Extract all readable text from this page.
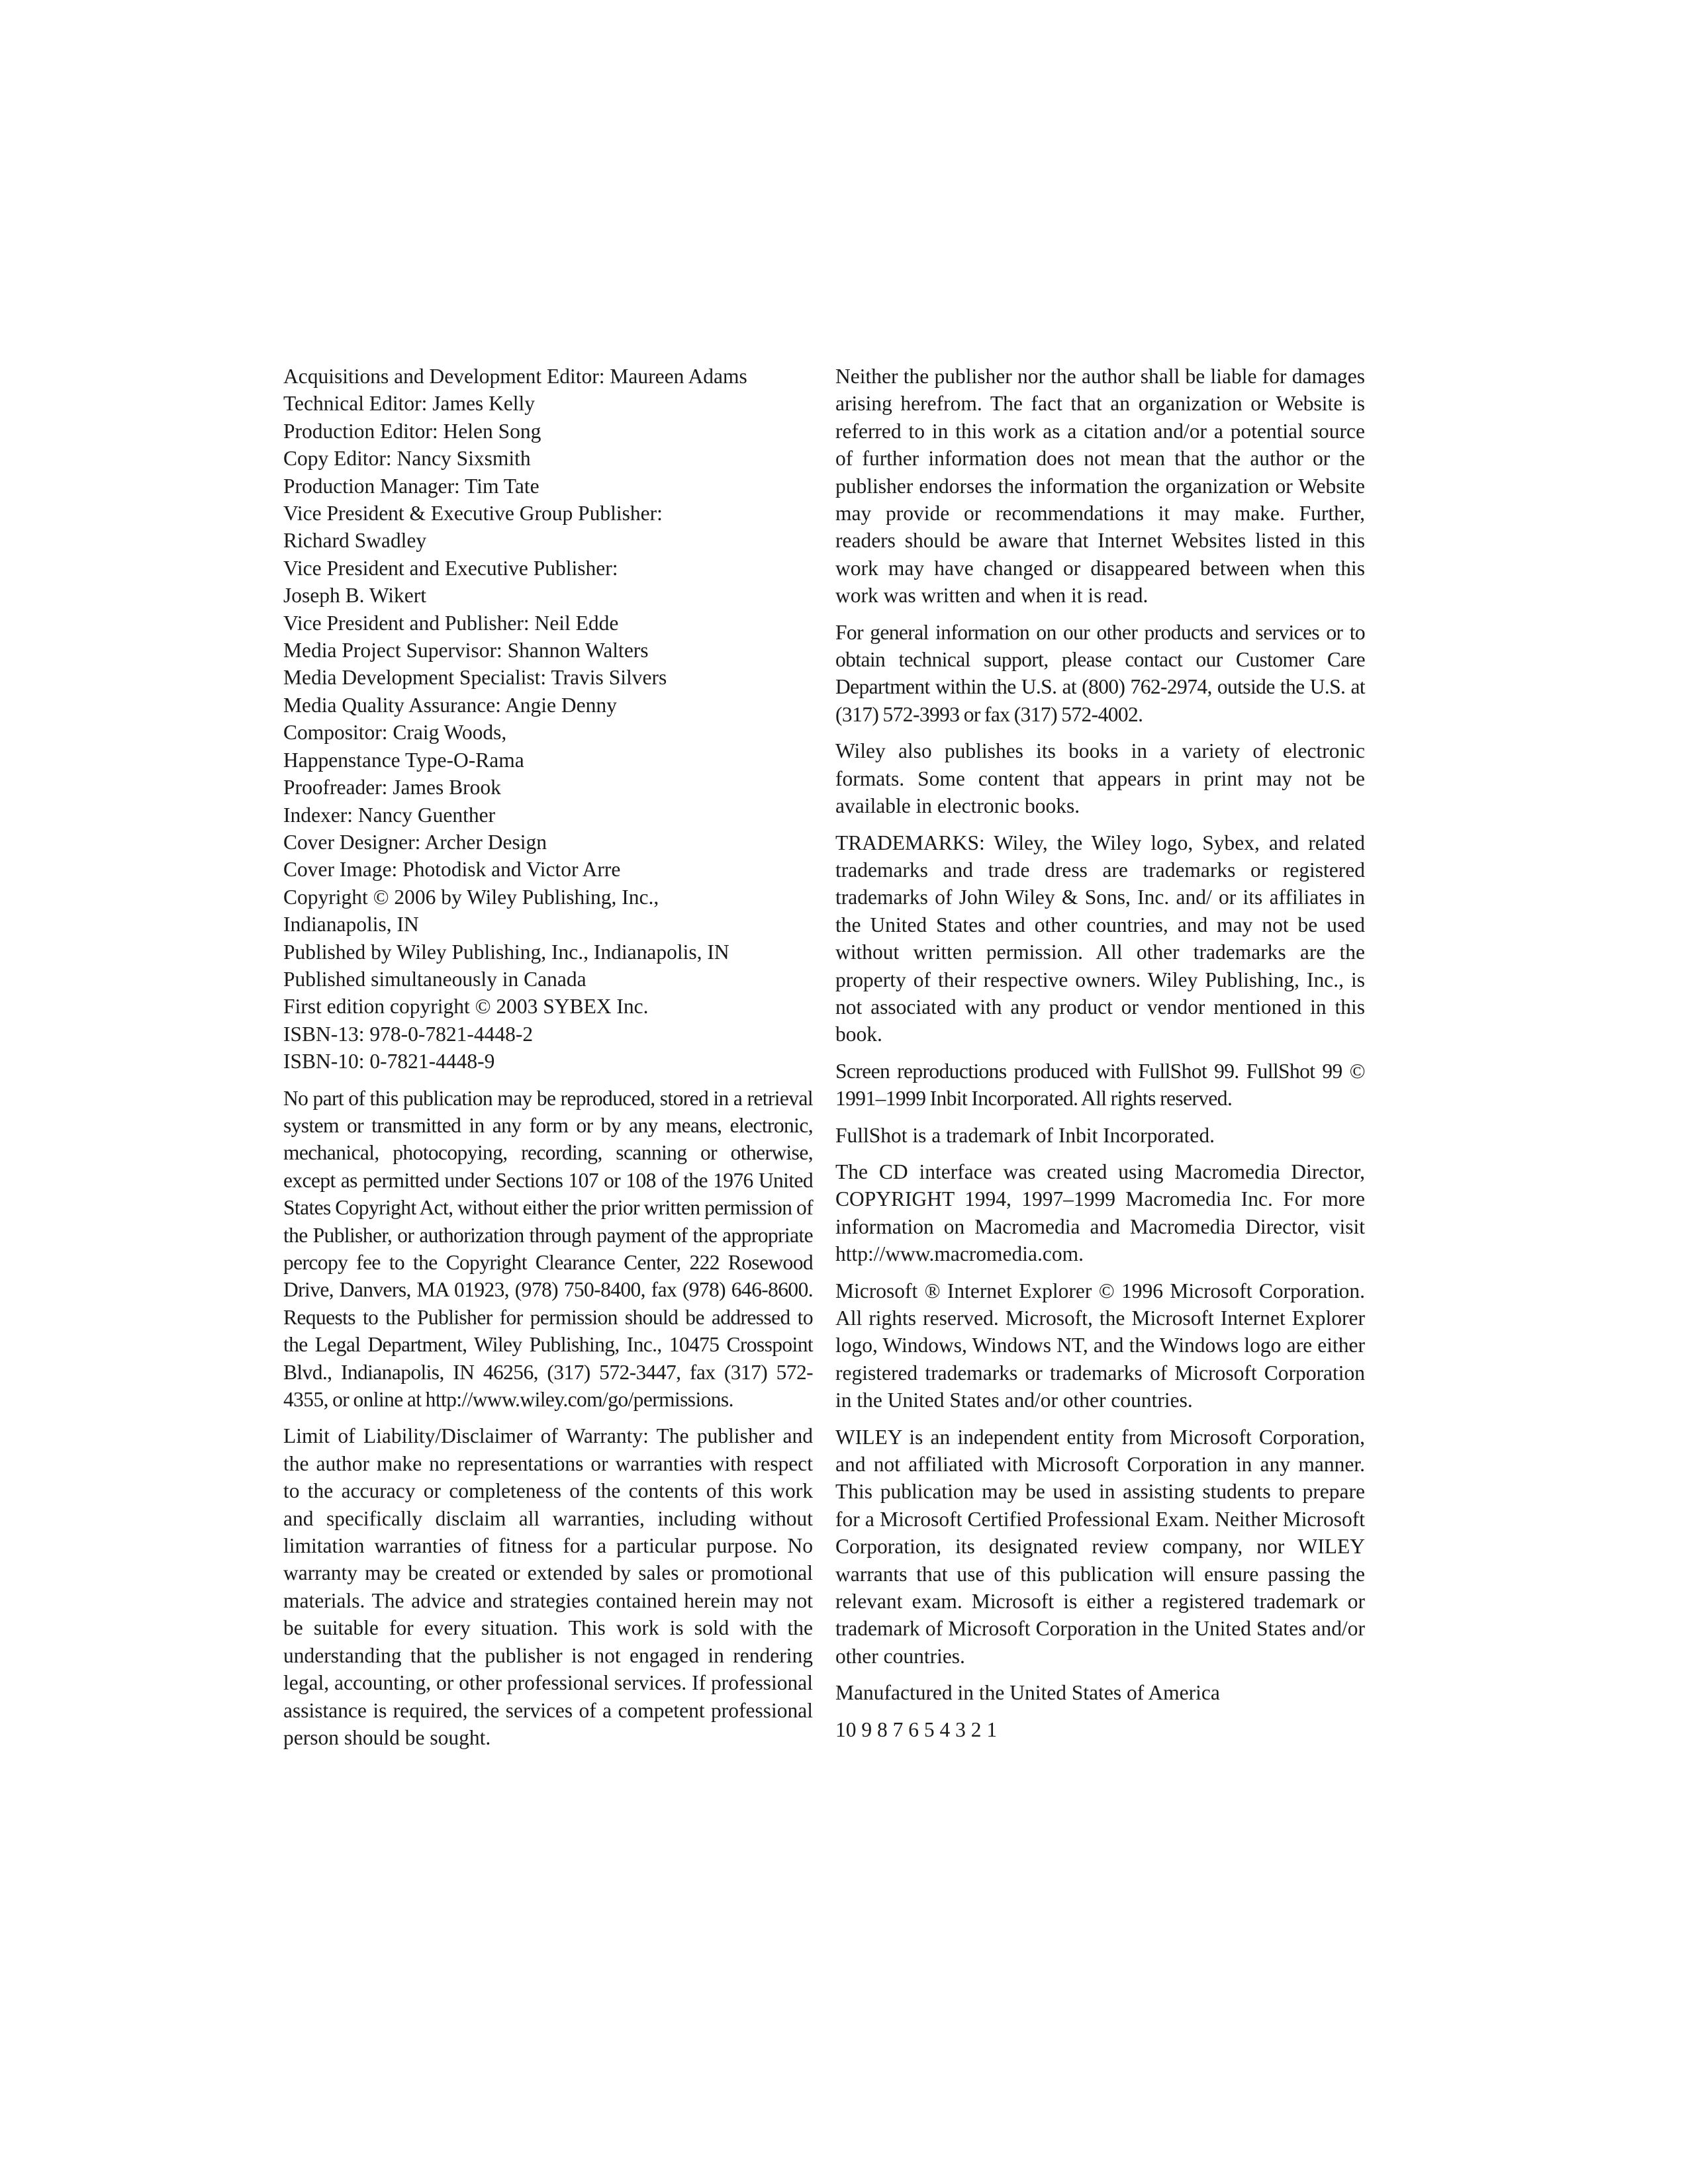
Acquisitions and Development Editor: Maureen Adams
Technical Editor: James Kelly
Production Editor: Helen Song
Copy Editor: Nancy Sixsmith
Production Manager: Tim Tate
Vice President & Executive Group Publisher:
Richard Swadley
Vice President and Executive Publisher:
Joseph B. Wikert
Vice President and Publisher: Neil Edde
Media Project Supervisor: Shannon Walters
Media Development Specialist: Travis Silvers
Media Quality Assurance: Angie Denny
Compositor: Craig Woods,
Happenstance Type-O-Rama
Proofreader: James Brook
Indexer: Nancy Guenther
Cover Designer: Archer Design
Cover Image: Photodisk and Victor Arre
Copyright © 2006 by Wiley Publishing, Inc.,
Indianapolis, IN
Published by Wiley Publishing, Inc., Indianapolis, IN
Published simultaneously in Canada
First edition copyright © 2003 SYBEX Inc.
ISBN-13: 978-0-7821-4448-2
ISBN-10: 0-7821-4448-9

No part of this publication may be reproduced, stored in a retrieval system or transmitted in any form or by any means, electronic, mechanical, photocopying, recording, scanning or otherwise, except as permitted under Sections 107 or 108 of the 1976 United States Copyright Act, without either the prior written permission of the Publisher, or authorization through payment of the appropriate percopy fee to the Copyright Clearance Center, 222 Rosewood Drive, Danvers, MA 01923, (978) 750-8400, fax (978) 646-8600. Requests to the Publisher for permission should be addressed to the Legal Department, Wiley Publishing, Inc., 10475 Crosspoint Blvd., Indianapolis, IN 46256, (317) 572-3447, fax (317) 572-4355, or online at http://www.wiley.com/go/permissions.

Limit of Liability/Disclaimer of Warranty: The publisher and the author make no representations or warranties with respect to the accuracy or completeness of the contents of this work and specifically disclaim all warranties, including without limitation warranties of fitness for a particular purpose. No warranty may be created or extended by sales or promotional materials. The advice and strategies contained herein may not be suitable for every situation. This work is sold with the understanding that the publisher is not engaged in rendering legal, accounting, or other professional services. If professional assistance is required, the services of a competent professional person should be sought.

Neither the publisher nor the author shall be liable for damages arising herefrom. The fact that an organization or Website is referred to in this work as a citation and/or a potential source of further information does not mean that the author or the publisher endorses the information the organization or Website may provide or recommendations it may make. Further, readers should be aware that Internet Websites listed in this work may have changed or disappeared between when this work was written and when it is read.

For general information on our other products and services or to obtain technical support, please contact our Customer Care Department within the U.S. at (800) 762-2974, outside the U.S. at (317) 572-3993 or fax (317) 572-4002.

Wiley also publishes its books in a variety of electronic formats. Some content that appears in print may not be available in electronic books.

TRADEMARKS: Wiley, the Wiley logo, Sybex, and related trademarks and trade dress are trademarks or registered trademarks of John Wiley & Sons, Inc. and/ or its affiliates in the United States and other countries, and may not be used without written permission. All other trademarks are the property of their respective owners. Wiley Publishing, Inc., is not associated with any product or vendor mentioned in this book.

Screen reproductions produced with FullShot 99. FullShot 99 © 1991–1999 Inbit Incorporated. All rights reserved.

FullShot is a trademark of Inbit Incorporated.

The CD interface was created using Macromedia Director, COPYRIGHT 1994, 1997–1999 Macromedia Inc. For more information on Macromedia and Macromedia Director, visit http://www.macromedia.com.

Microsoft ® Internet Explorer © 1996 Microsoft Corporation. All rights reserved. Microsoft, the Microsoft Internet Explorer logo, Windows, Windows NT, and the Windows logo are either registered trademarks or trademarks of Microsoft Corporation in the United States and/or other countries.

WILEY is an independent entity from Microsoft Corporation, and not affiliated with Microsoft Corporation in any manner. This publication may be used in assisting students to prepare for a Microsoft Certified Professional Exam. Neither Microsoft Corporation, its designated review company, nor WILEY warrants that use of this publication will ensure passing the relevant exam. Microsoft is either a registered trademark or trademark of Microsoft Corporation in the United States and/or other countries.

Manufactured in the United States of America

10 9 8 7 6 5 4 3 2 1
